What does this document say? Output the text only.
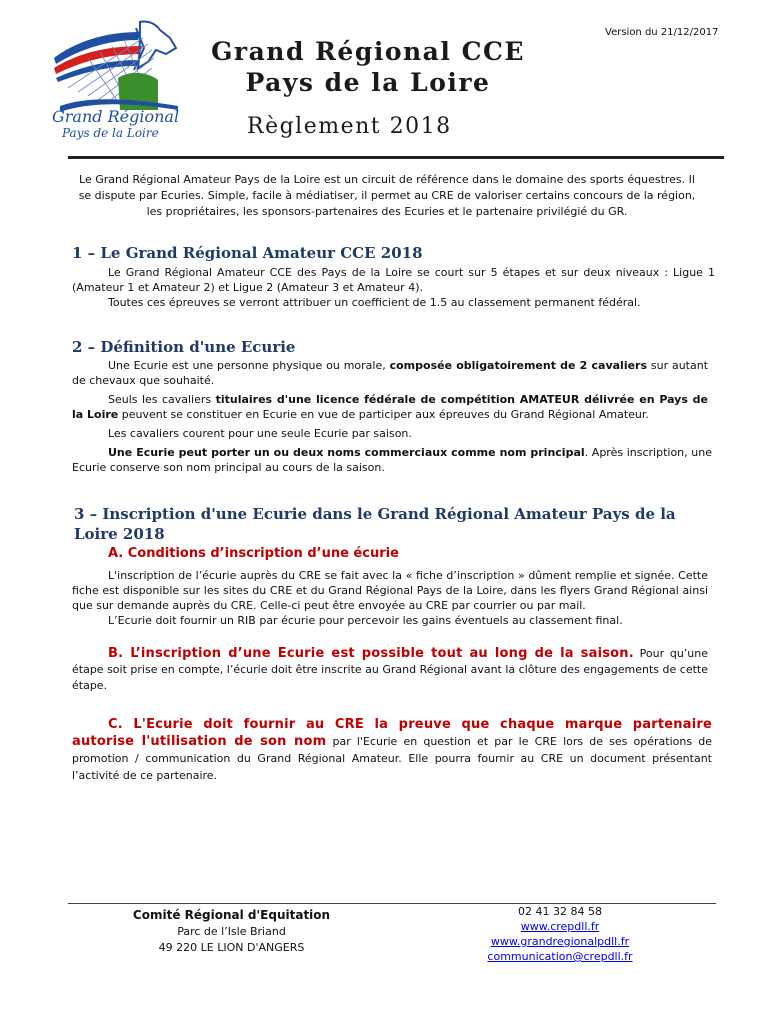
Version du 21/12/2017
Grand Régional
Pays de la Loire
Grand Régional CCE
Pays de la Loire
Règlement 2018
Le Grand Régional Amateur Pays de la Loire est un circuit de référence dans le domaine des sports équestres. Il se dispute par Ecuries. Simple, facile à médiatiser, il permet au CRE de valoriser certains concours de la région, les propriétaires, les sponsors-partenaires des Ecuries et le partenaire privilégié du GR.
1 – Le Grand Régional Amateur CCE 2018
Le Grand Régional Amateur CCE des Pays de la Loire se court sur 5 étapes et sur deux niveaux : Ligue 1 (Amateur 1 et Amateur 2) et Ligue 2 (Amateur 3 et Amateur 4).
Toutes ces épreuves se verront attribuer un coefficient de 1.5 au classement permanent fédéral.
2 – Définition d'une Ecurie
Une Ecurie est une personne physique ou morale, composée obligatoirement de 2 cavaliers sur autant de chevaux que souhaité.
Seuls les cavaliers titulaires d'une licence fédérale de compétition AMATEUR délivrée en Pays de la Loire peuvent se constituer en Ecurie en vue de participer aux épreuves du Grand Régional Amateur.
Les cavaliers courent pour une seule Ecurie par saison.
Une Ecurie peut porter un ou deux noms commerciaux comme nom principal. Après inscription, une Ecurie conserve son nom principal au cours de la saison.
3 – Inscription d'une Ecurie dans le Grand Régional Amateur Pays de la Loire 2018
A. Conditions d’inscription d’une écurie
L'inscription de l’écurie auprès du CRE se fait avec la « fiche d’inscription » dûment remplie et signée. Cette fiche est disponible sur les sites du CRE et du Grand Régional Pays de la Loire, dans les flyers Grand Régional ainsi que sur demande auprès du CRE. Celle-ci peut être envoyée au CRE par courrier ou par mail.
L’Ecurie doit fournir un RIB par écurie pour percevoir les gains éventuels au classement final.
B. L’inscription d’une Ecurie est possible tout au long de la saison. Pour qu’une étape soit prise en compte, l’écurie doit être inscrite au Grand Régional avant la clôture des engagements de cette étape.
C. L'Ecurie doit fournir au CRE la preuve que chaque marque partenaire autorise l'utilisation de son nom par l'Ecurie en question et par le CRE lors de ses opérations de promotion / communication du Grand Régional Amateur. Elle pourra fournir au CRE un document présentant l’activité de ce partenaire.
Comité Régional d'Equitation
Parc de l’Isle Briand
49 220 LE LION D'ANGERS
02 41 32 84 58
www.crepdll.fr
www.grandregionalpdll.fr
communication@crepdll.fr
